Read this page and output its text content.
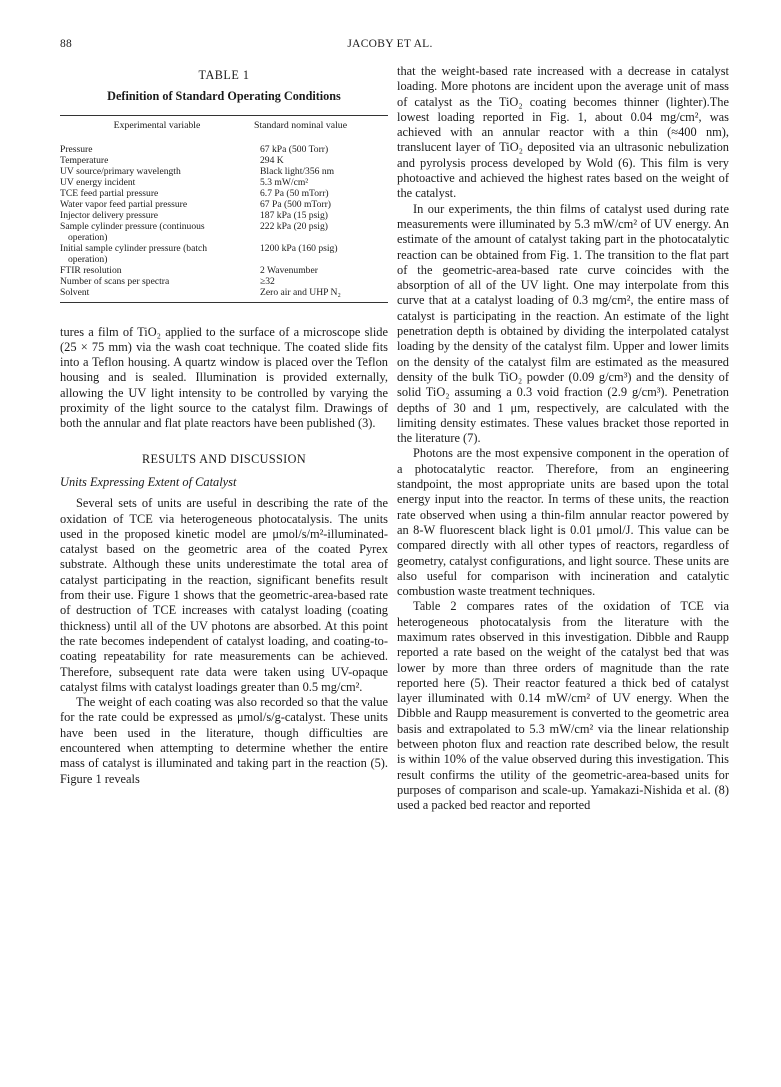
88	JACOBY ET AL.
TABLE 1
Definition of Standard Operating Conditions
Experimental variable	Standard nominal value

Pressure	67 kPa (500 Torr)

Temperature	294 K

UV source/primary wavelength	Black light/356 nm

UV energy incident	5.3 mW/cm²

TCE feed partial pressure	6.7 Pa (50 mTorr)

Water vapor feed partial pressure	67 Pa (500 mTorr)

Injector delivery pressure	187 kPa (15 psig)

Sample cylinder pressure (continuous
operation)	222 kPa (20 psig)

Initial sample cylinder pressure (batch
operation)	1200 kPa (160 psig)

FTIR resolution	2 Wavenumber

Number of scans per spectra	≥32

Solvent	Zero air and UHP N₂

tures a film of TiO₂ applied to the surface of a microscope slide (25 × 75 mm) via the wash coat technique. The coated slide fits into a Teflon housing. A quartz window is placed over the Teflon housing and is sealed. Illumination is provided externally, allowing the UV light intensity to be controlled by varying the proximity of the light source to the catalyst film. Drawings of both the annular and flat plate reactors have been published (3).

RESULTS AND DISCUSSION
Units Expressing Extent of Catalyst

Several sets of units are useful in describing the rate of the oxidation of TCE via heterogeneous photocatalysis. The units used in the proposed kinetic model are μmol/s/m²-illuminated-catalyst based on the geometric area of the coated Pyrex substrate. Although these units underestimate the total area of catalyst participating in the reaction, significant benefits result from their use. Figure 1 shows that the geometric-area-based rate of destruction of TCE increases with catalyst loading (coating thickness) until all of the UV photons are absorbed. At this point the rate becomes independent of catalyst loading, and coating-to-coating repeatability for rate measurements can be achieved. Therefore, subsequent rate data were taken using UV-opaque catalyst films with catalyst loadings greater than 0.5 mg/cm².

The weight of each coating was also recorded so that the value for the rate could be expressed as μmol/s/g-catalyst. These units have been used in the literature, though difficulties are encountered when attempting to determine whether the entire mass of catalyst is illuminated and taking part in the reaction (5). Figure 1 reveals

that the weight-based rate increased with a decrease in catalyst loading. More photons are incident upon the average unit of mass of catalyst as the TiO₂ coating becomes thinner (lighter).The lowest loading reported in Fig. 1, about 0.04 mg/cm², was achieved with an annular reactor with a thin (≈400 nm), translucent layer of TiO₂ deposited via an ultrasonic nebulization and pyrolysis process developed by Wold (6). This film is very photoactive and achieved the highest rates based on the weight of the catalyst.

In our experiments, the thin films of catalyst used during rate measurements were illuminated by 5.3 mW/cm² of UV energy. An estimate of the amount of catalyst taking part in the photocatalytic reaction can be obtained from Fig. 1. The transition to the flat part of the geometric-area-based rate curve coincides with the absorption of all of the UV light. One may interpolate from this curve that at a catalyst loading of 0.3 mg/cm², the entire mass of catalyst is participating in the reaction. An estimate of the light penetration depth is obtained by dividing the interpolated catalyst loading by the density of the catalyst film. Upper and lower limits on the density of the catalyst film are estimated as the measured density of the bulk TiO₂ powder (0.09 g/cm³) and the density of solid TiO₂ assuming a 0.3 void fraction (2.9 g/cm³). Penetration depths of 30 and 1 μm, respectively, are calculated with the limiting density estimates. These values bracket those reported in the literature (7).

Photons are the most expensive component in the operation of a photocatalytic reactor. Therefore, from an engineering standpoint, the most appropriate units are based upon the total energy input into the reactor. In terms of these units, the reaction rate observed when using a thin-film annular reactor powered by an 8-W fluorescent black light is 0.01 μmol/J. This value can be compared directly with all other types of reactors, regardless of geometry, catalyst configurations, and light source. These units are also useful for comparison with incineration and catalytic combustion waste treatment techniques.

Table 2 compares rates of the oxidation of TCE via heterogeneous photocatalysis from the literature with the maximum rates observed in this investigation. Dibble and Raupp reported a rate based on the weight of the catalyst bed that was lower by more than three orders of magnitude than the rate reported here (5). Their reactor featured a thick bed of catalyst layer illuminated with 0.14 mW/cm² of UV energy. When the Dibble and Raupp measurement is converted to the geometric area basis and extrapolated to 5.3 mW/cm² via the linear relationship between photon flux and reaction rate described below, the result is within 10% of the value observed during this investigation. This result confirms the utility of the geometric-area-based units for purposes of comparison and scale-up. Yamakazi-Nishida et al. (8) used a packed bed reactor and reported
